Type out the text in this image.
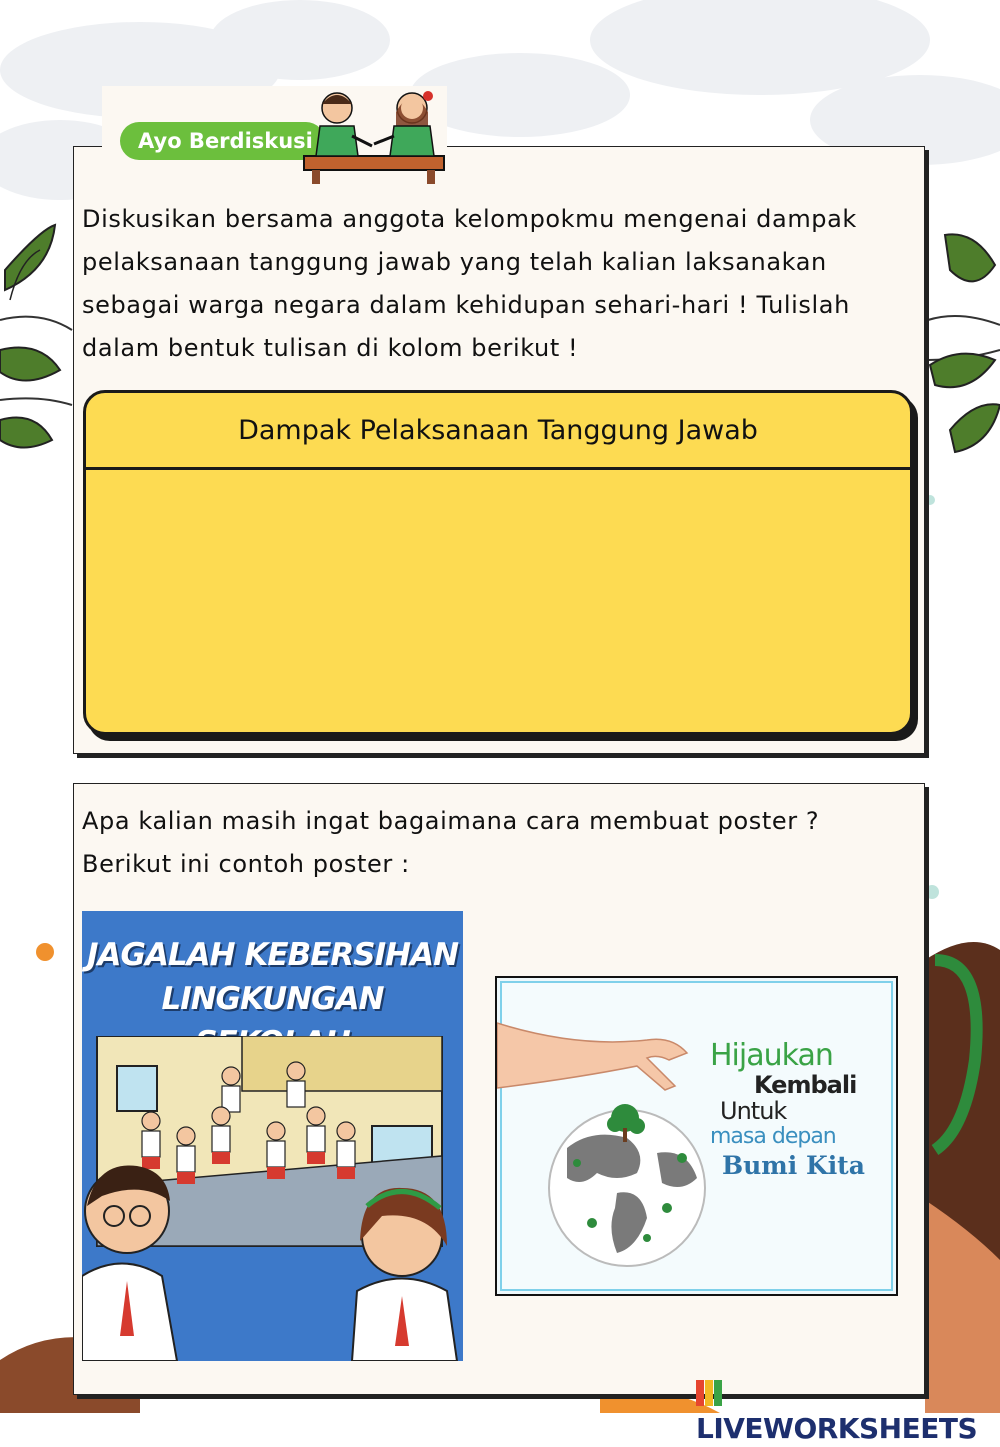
Ayo Berdiskusi
Diskusikan bersama anggota kelompokmu mengenai dampak
pelaksanaan tanggung jawab yang telah kalian laksanakan
sebagai warga negara dalam kehidupan sehari-hari ! Tulislah
dalam bentuk tulisan di kolom berikut !
Dampak Pelaksanaan Tanggung Jawab
Apa kalian masih ingat bagaimana cara membuat poster ?
Berikut ini contoh poster :
JAGALAH KEBERSIHAN
LINGKUNGAN
Hijaukan
Kembali
Untuk
masa depan
Bumi Kita
LIVEWORKSHEETS
